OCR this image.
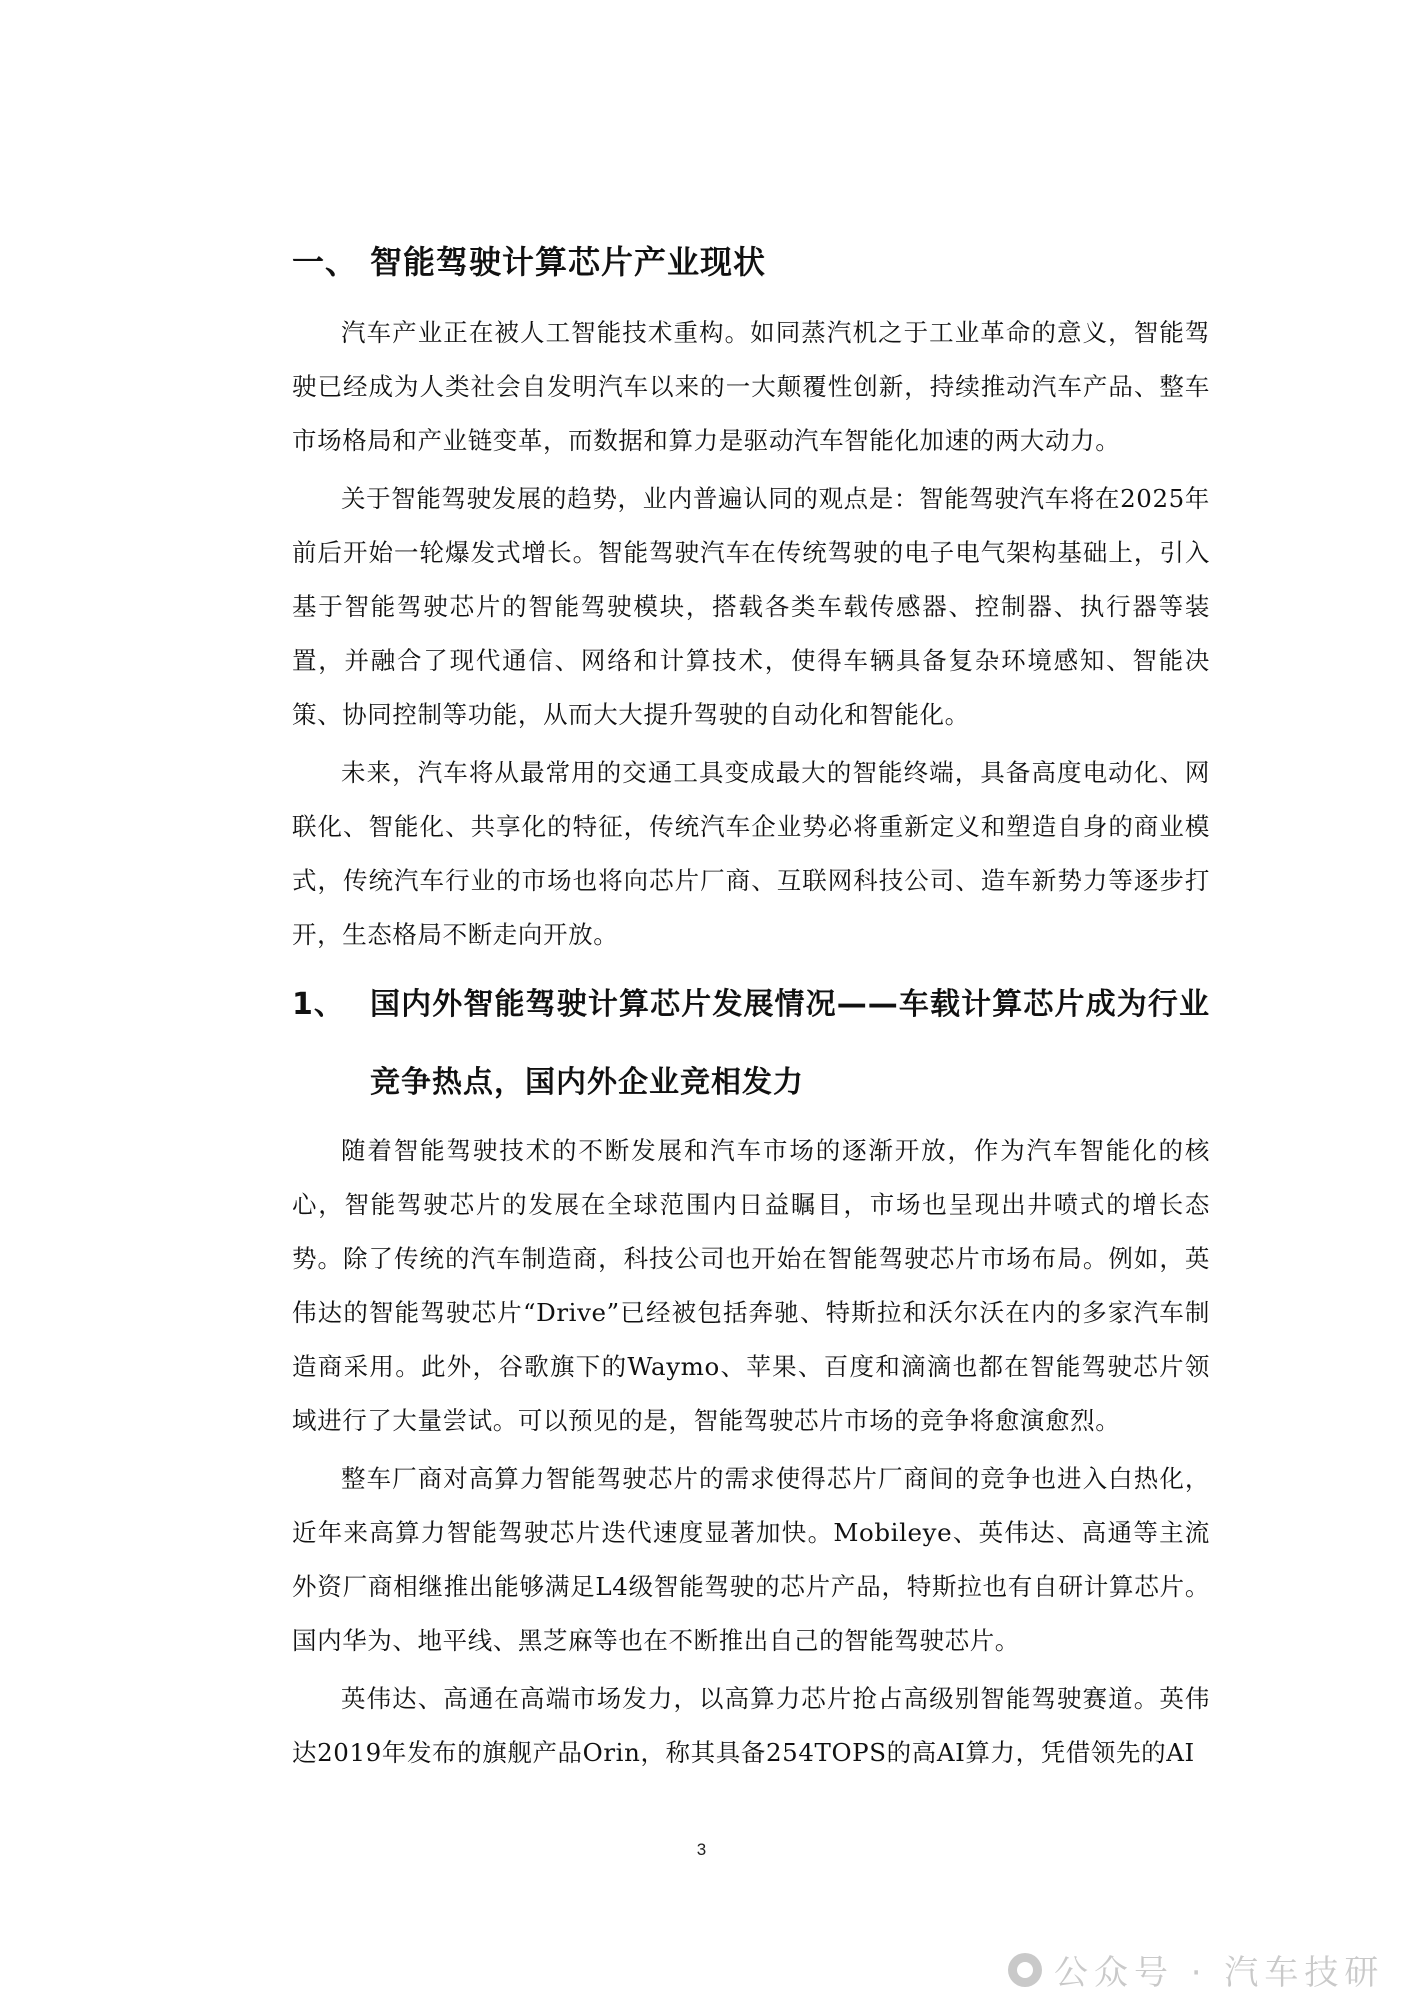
一、 智能驾驶计算芯片产业现状

汽车产业正在被人工智能技术重构。如同蒸汽机之于工业革命的意义，智能驾驶已经成为人类社会自发明汽车以来的一大颠覆性创新，持续推动汽车产品、整车市场格局和产业链变革，而数据和算力是驱动汽车智能化加速的两大动力。

关于智能驾驶发展的趋势，业内普遍认同的观点是：智能驾驶汽车将在2025年前后开始一轮爆发式增长。智能驾驶汽车在传统驾驶的电子电气架构基础上，引入基于智能驾驶芯片的智能驾驶模块，搭载各类车载传感器、控制器、执行器等装置，并融合了现代通信、网络和计算技术，使得车辆具备复杂环境感知、智能决策、协同控制等功能，从而大大提升驾驶的自动化和智能化。

未来，汽车将从最常用的交通工具变成最大的智能终端，具备高度电动化、网联化、智能化、共享化的特征，传统汽车企业势必将重新定义和塑造自身的商业模式，传统汽车行业的市场也将向芯片厂商、互联网科技公司、造车新势力等逐步打开，生态格局不断走向开放。

1、 国内外智能驾驶计算芯片发展情况——车载计算芯片成为行业竞争热点，国内外企业竞相发力

随着智能驾驶技术的不断发展和汽车市场的逐渐开放，作为汽车智能化的核心，智能驾驶芯片的发展在全球范围内日益瞩目，市场也呈现出井喷式的增长态势。除了传统的汽车制造商，科技公司也开始在智能驾驶芯片市场布局。例如，英伟达的智能驾驶芯片“Drive”已经被包括奔驰、特斯拉和沃尔沃在内的多家汽车制造商采用。此外，谷歌旗下的Waymo、苹果、百度和滴滴也都在智能驾驶芯片领域进行了大量尝试。可以预见的是，智能驾驶芯片市场的竞争将愈演愈烈。

整车厂商对高算力智能驾驶芯片的需求使得芯片厂商间的竞争也进入白热化，近年来高算力智能驾驶芯片迭代速度显著加快。Mobileye、英伟达、高通等主流外资厂商相继推出能够满足L4级智能驾驶的芯片产品，特斯拉也有自研计算芯片。国内华为、地平线、黑芝麻等也在不断推出自己的智能驾驶芯片。

英伟达、高通在高端市场发力，以高算力芯片抢占高级别智能驾驶赛道。英伟达2019年发布的旗舰产品Orin，称其具备254TOPS的高AI算力，凭借领先的AI

3
公众号 · 汽车技研
